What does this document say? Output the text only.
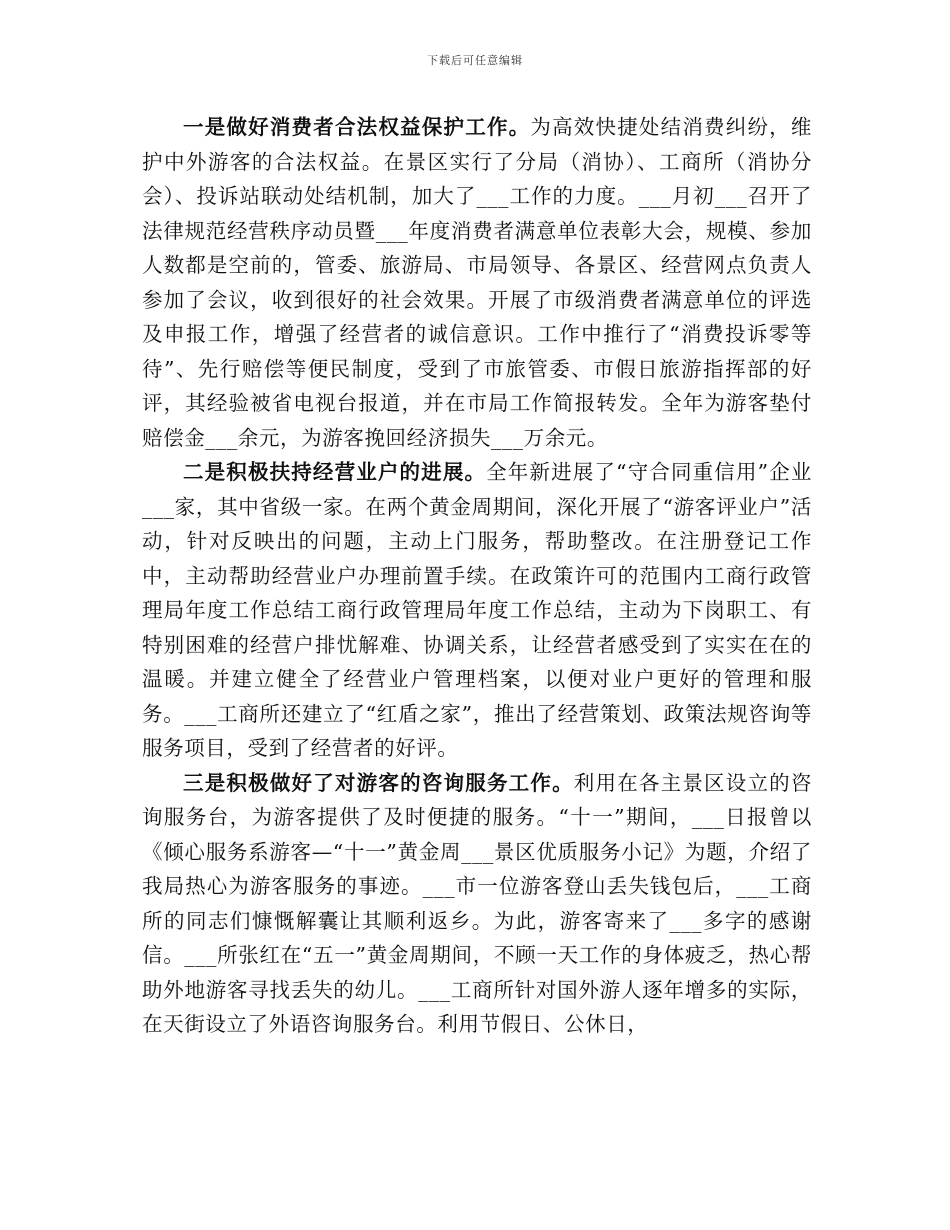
下载后可任意编辑

一是做好消费者合法权益保护工作。为高效快捷处结消费纠纷，维护中外游客的合法权益。在景区实行了分局（消协）、工商所（消协分会）、投诉站联动处结机制，加大了___工作的力度。___月初___召开了法律规范经营秩序动员暨___年度消费者满意单位表彰大会，规模、参加人数都是空前的，管委、旅游局、市局领导、各景区、经营网点负责人参加了会议，收到很好的社会效果。开展了市级消费者满意单位的评选及申报工作，增强了经营者的诚信意识。工作中推行了“消费投诉零等待”、先行赔偿等便民制度，受到了市旅管委、市假日旅游指挥部的好评，其经验被省电视台报道，并在市局工作简报转发。全年为游客垫付赔偿金___余元，为游客挽回经济损失___万余元。

二是积极扶持经营业户的进展。全年新进展了“守合同重信用”企业___家，其中省级一家。在两个黄金周期间，深化开展了“游客评业户”活动，针对反映出的问题，主动上门服务，帮助整改。在注册登记工作中，主动帮助经营业户办理前置手续。在政策许可的范围内工商行政管理局年度工作总结工商行政管理局年度工作总结，主动为下岗职工、有特别困难的经营户排忧解难、协调关系，让经营者感受到了实实在在的温暖。并建立健全了经营业户管理档案，以便对业户更好的管理和服务。___工商所还建立了“红盾之家”，推出了经营策划、政策法规咨询等服务项目，受到了经营者的好评。

三是积极做好了对游客的咨询服务工作。利用在各主景区设立的咨询服务台，为游客提供了及时便捷的服务。“十一”期间，___日报曾以《倾心服务系游客—“十一”黄金周___景区优质服务小记》为题，介绍了我局热心为游客服务的事迹。___市一位游客登山丢失钱包后，___工商所的同志们慷慨解囊让其顺利返乡。为此，游客寄来了___多字的感谢信。___所张红在“五一”黄金周期间，不顾一天工作的身体疲乏，热心帮助外地游客寻找丢失的幼儿。___工商所针对国外游人逐年增多的实际，在天街设立了外语咨询服务台。利用节假日、公休日，
